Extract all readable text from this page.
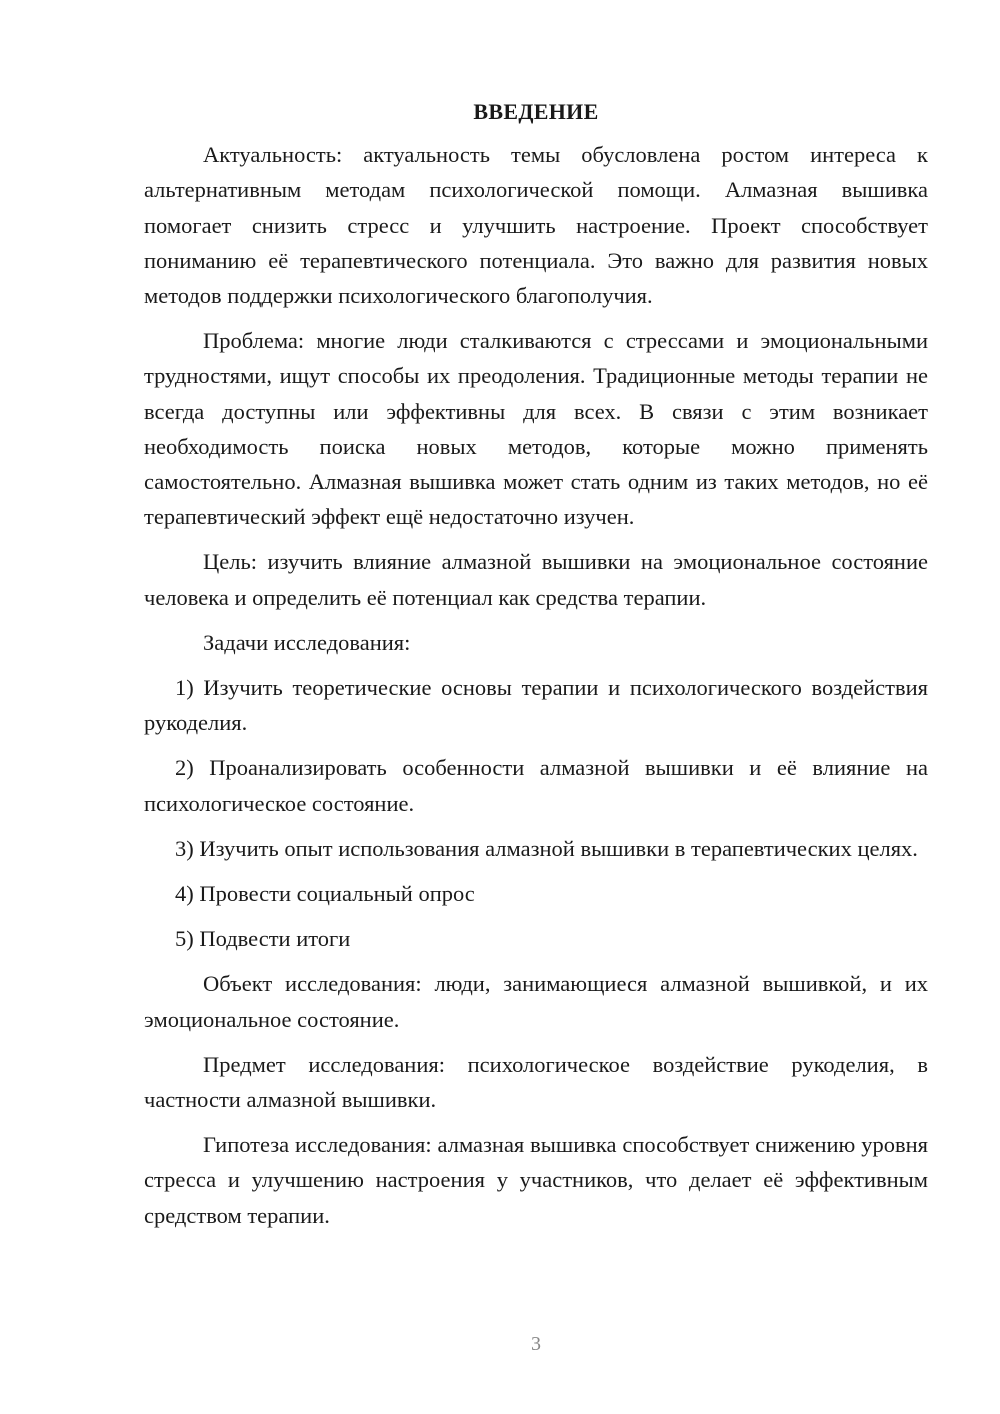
ВВЕДЕНИЕ

Актуальность: актуальность темы обусловлена ростом интереса к альтернативным методам психологической помощи. Алмазная вышивка помогает снизить стресс и улучшить настроение. Проект способствует пониманию её терапевтического потенциала. Это важно для развития новых методов поддержки психологического благополучия.

Проблема: многие люди сталкиваются с стрессами и эмоциональными трудностями, ищут способы их преодоления. Традиционные методы терапии не всегда доступны или эффективны для всех. В связи с этим возникает необходимость поиска новых методов, которые можно применять самостоятельно. Алмазная вышивка может стать одним из таких методов, но её терапевтический эффект ещё недостаточно изучен.

Цель: изучить влияние алмазной вышивки на эмоциональное состояние человека и определить её потенциал как средства терапии.

Задачи исследования:

1) Изучить теоретические основы терапии и психологического воздействия рукоделия.

2) Проанализировать особенности алмазной вышивки и её влияние на психологическое состояние.

3) Изучить опыт использования алмазной вышивки в терапевтических целях.

4) Провести социальный опрос

5) Подвести итоги

Объект исследования: люди, занимающиеся алмазной вышивкой, и их эмоциональное состояние.

Предмет исследования: психологическое воздействие рукоделия, в частности алмазной вышивки.

Гипотеза исследования: алмазная вышивка способствует снижению уровня стресса и улучшению настроения у участников, что делает её эффективным средством терапии.

3
